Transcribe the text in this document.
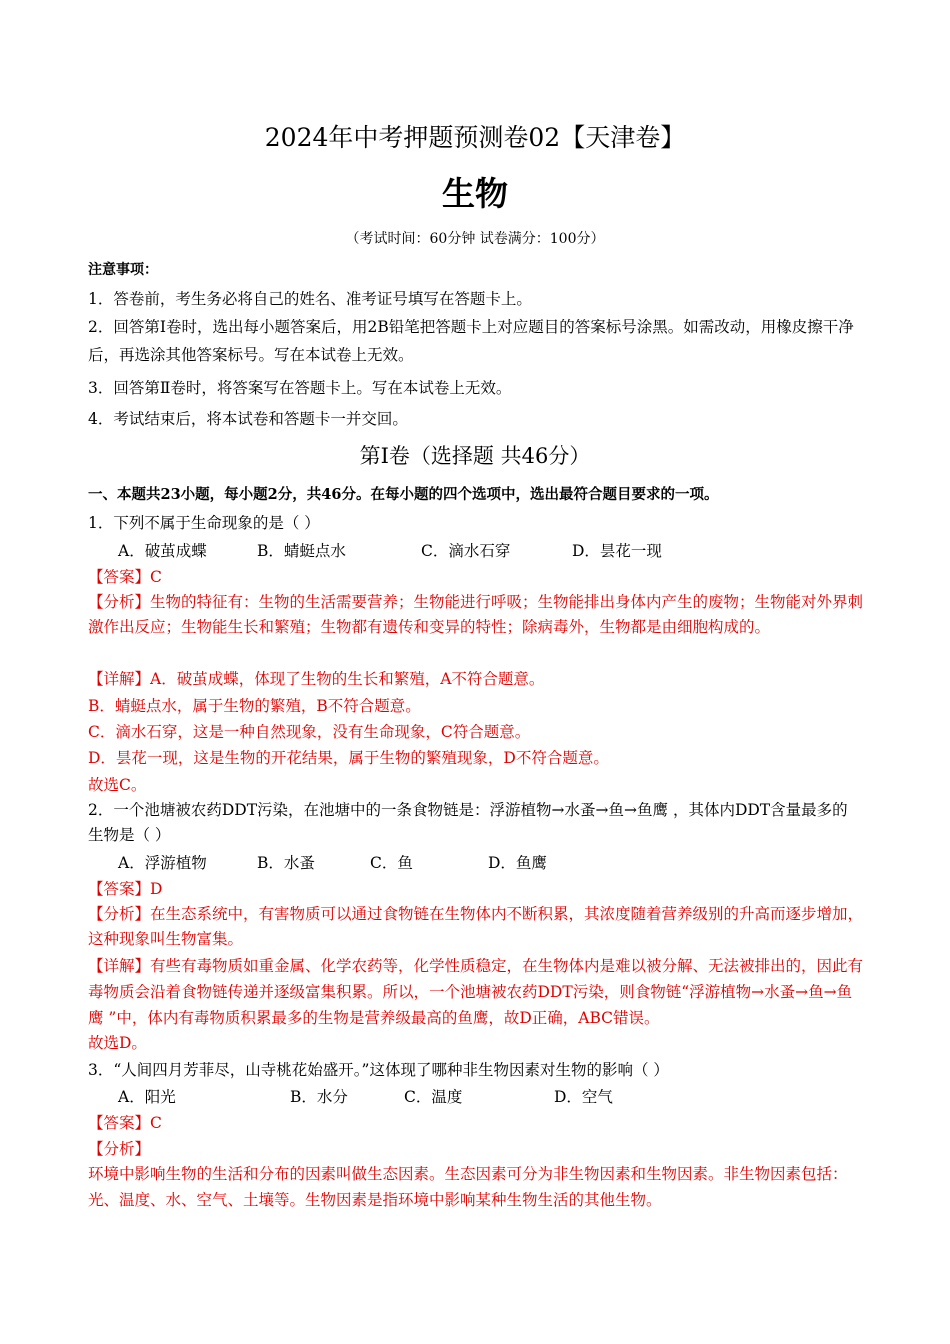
2024年中考押题预测卷02【天津卷】
生物
（考试时间：60分钟 试卷满分：100分）
注意事项：
1．答卷前，考生务必将自己的姓名、准考证号填写在答题卡上。
2．回答第Ⅰ卷时，选出每小题答案后，用2B铅笔把答题卡上对应题目的答案标号涂黑。如需改动，用橡皮擦干净后，再选涂其他答案标号。写在本试卷上无效。
3．回答第Ⅱ卷时，将答案写在答题卡上。写在本试卷上无效。
4．考试结束后，将本试卷和答题卡一并交回。
第Ⅰ卷（选择题 共46分）
一、本题共23小题，每小题2分，共46分。在每小题的四个选项中，选出最符合题目要求的一项。
1．下列不属于生命现象的是（ ）
A．破茧成蝶	B．蜻蜓点水	C．滴水石穿	D．昙花一现
【答案】C
【分析】生物的特征有：生物的生活需要营养；生物能进行呼吸；生物能排出身体内产生的废物；生物能对外界刺激作出反应；生物能生长和繁殖；生物都有遗传和变异的特性；除病毒外，生物都是由细胞构成的。
【详解】A．破茧成蝶，体现了生物的生长和繁殖，A不符合题意。
B．蜻蜓点水，属于生物的繁殖，B不符合题意。
C．滴水石穿，这是一种自然现象，没有生命现象，C符合题意。
D．昙花一现，这是生物的开花结果，属于生物的繁殖现象，D不符合题意。
故选C。
2．一个池塘被农药DDT污染，在池塘中的一条食物链是：浮游植物→水蚤→鱼→鱼鹰 ，其体内DDT含量最多的生物是（ ）
A．浮游植物	B．水蚤	C．鱼	D．鱼鹰
【答案】D
【分析】在生态系统中，有害物质可以通过食物链在生物体内不断积累，其浓度随着营养级别的升高而逐步增加，这种现象叫生物富集。
【详解】有些有毒物质如重金属、化学农药等，化学性质稳定，在生物体内是难以被分解、无法被排出的，因此有毒物质会沿着食物链传递并逐级富集积累。所以，一个池塘被农药DDT污染，则食物链“浮游植物→水蚤→鱼→鱼鹰 ”中，体内有毒物质积累最多的生物是营养级最高的鱼鹰，故D正确，ABC错误。
故选D。
3．“人间四月芳菲尽，山寺桃花始盛开。”这体现了哪种非生物因素对生物的影响（ ）
A．阳光	B．水分	C．温度	D．空气
【答案】C
【分析】
环境中影响生物的生活和分布的因素叫做生态因素。生态因素可分为非生物因素和生物因素。非生物因素包括：光、温度、水、空气、土壤等。生物因素是指环境中影响某种生物生活的其他生物。
